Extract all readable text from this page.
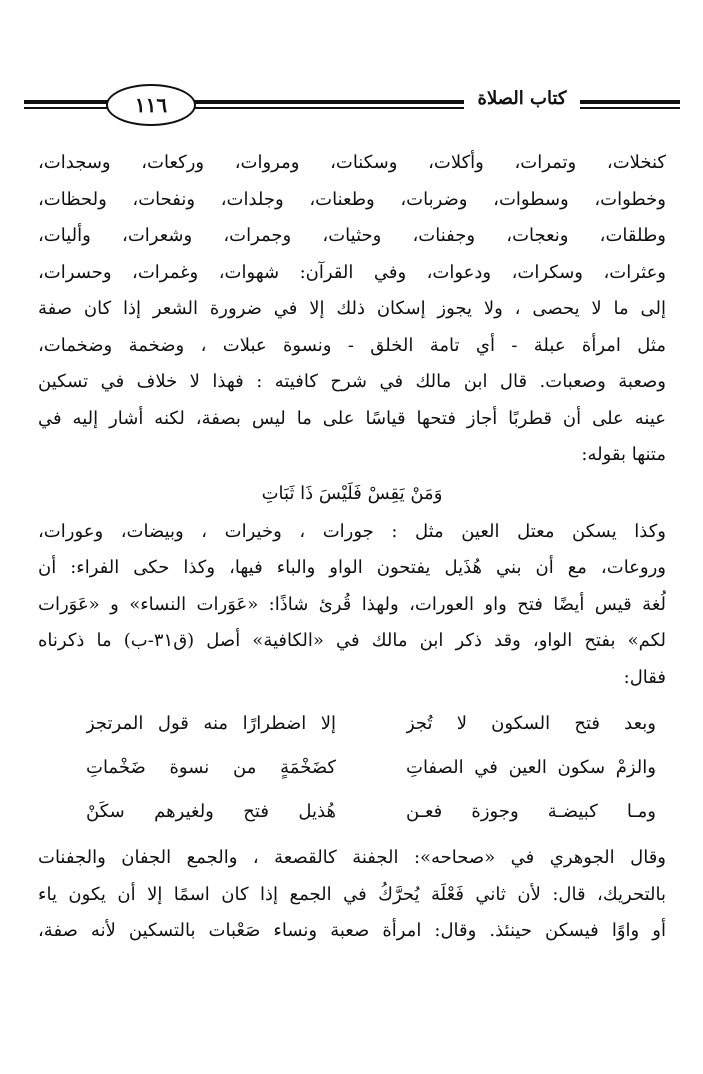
١١٦	كتاب الصلاة
كنخلات، وتمرات، وأكلات، وسكنات، ومروات، وركعات، وسجدات،
وخطوات، وسطوات، وضربات، وطعنات، وجلدات، ونفحات، ولحظات،
وطلقات، ونعجات، وجفنات، وحثيات، وجمرات، وشعرات، وأليات،
وعثرات، وسكرات، ودعوات، وفي القرآن: شهوات، وغمرات، وحسرات،
إلى ما لا يحصى ، ولا يجوز إسكان ذلك إلا في ضرورة الشعر إذا كان صفة
مثل امرأة عبلة - أي تامة الخلق - ونسوة عبلات ، وضخمة وضخمات،
وصعبة وصعبات. قال ابن مالك في شرح كافيته : فهذا لا خلاف في تسكين
عينه على أن قطربًا أجاز فتحها قياسًا على ما ليس بصفة، لكنه أشار إليه في
متنها بقوله:
وَمَنْ يَقِسْ فَلَيْسَ ذَا ثَبَاتِ
وكذا يسكن معتل العين مثل : جورات ، وخيرات ، وبيضات، وعورات،
وروعات، مع أن بني هُذَيل يفتحون الواو والباء فيها، وكذا حكى الفراء: أن
لُغة قيس أيضًا فتح واو العورات، ولهذا قُرئ شاذًا: «عَوَرات النساء» و «عَوَرات
لكم» بفتح الواو، وقد ذكر ابن مالك في «الكافية» أصل (ق٣١-ب) ما ذكرناه
فقال:
وبعد فتح السكون لا تُجز
إلا اضطرارًا منه قول المرتجز
والزمْ سكون العين في الصفاتِ
كضَخْمَةٍ من نسوة ضَخْماتِ
ومـا كبيضـة وجوزة فعـن
هُذيل فتح ولغيرهم سكَنْ
وقال الجوهري في «صحاحه»: الجفنة كالقصعة ، والجمع الجفان والجفنات
بالتحريك، قال: لأن ثاني فَعْلَة يُحرَّكُ في الجمع إذا كان اسمًا إلا أن يكون ياء
أو واوًا فيسكن حينئذ. وقال: امرأة صعبة ونساء صَعْبات بالتسكين لأنه صفة،
